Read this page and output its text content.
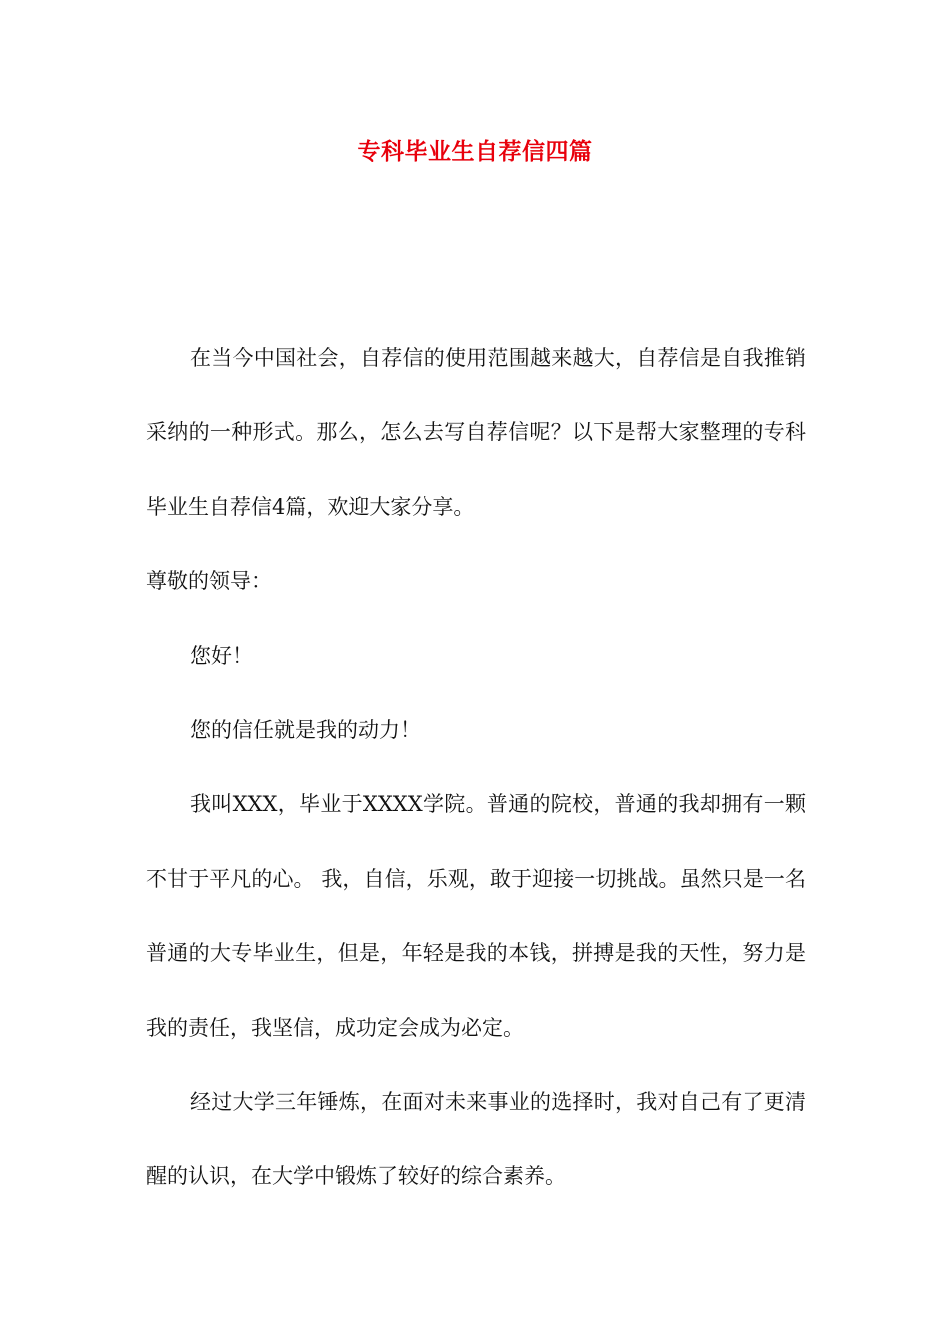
专科毕业生自荐信四篇

在当今中国社会，自荐信的使用范围越来越大，自荐信是自我推销采纳的一种形式。那么，怎么去写自荐信呢？以下是帮大家整理的专科毕业生自荐信4篇，欢迎大家分享。

尊敬的领导：

您好！

您的信任就是我的动力！

我叫XXX，毕业于XXXX学院。普通的院校，普通的我却拥有一颗不甘于平凡的心。 我，自信，乐观，敢于迎接一切挑战。虽然只是一名普通的大专毕业生，但是，年轻是我的本钱，拼搏是我的天性，努力是我的责任，我坚信，成功定会成为必定。

经过大学三年锤炼，在面对未来事业的选择时，我对自己有了更清醒的认识，在大学中锻炼了较好的综合素养。
